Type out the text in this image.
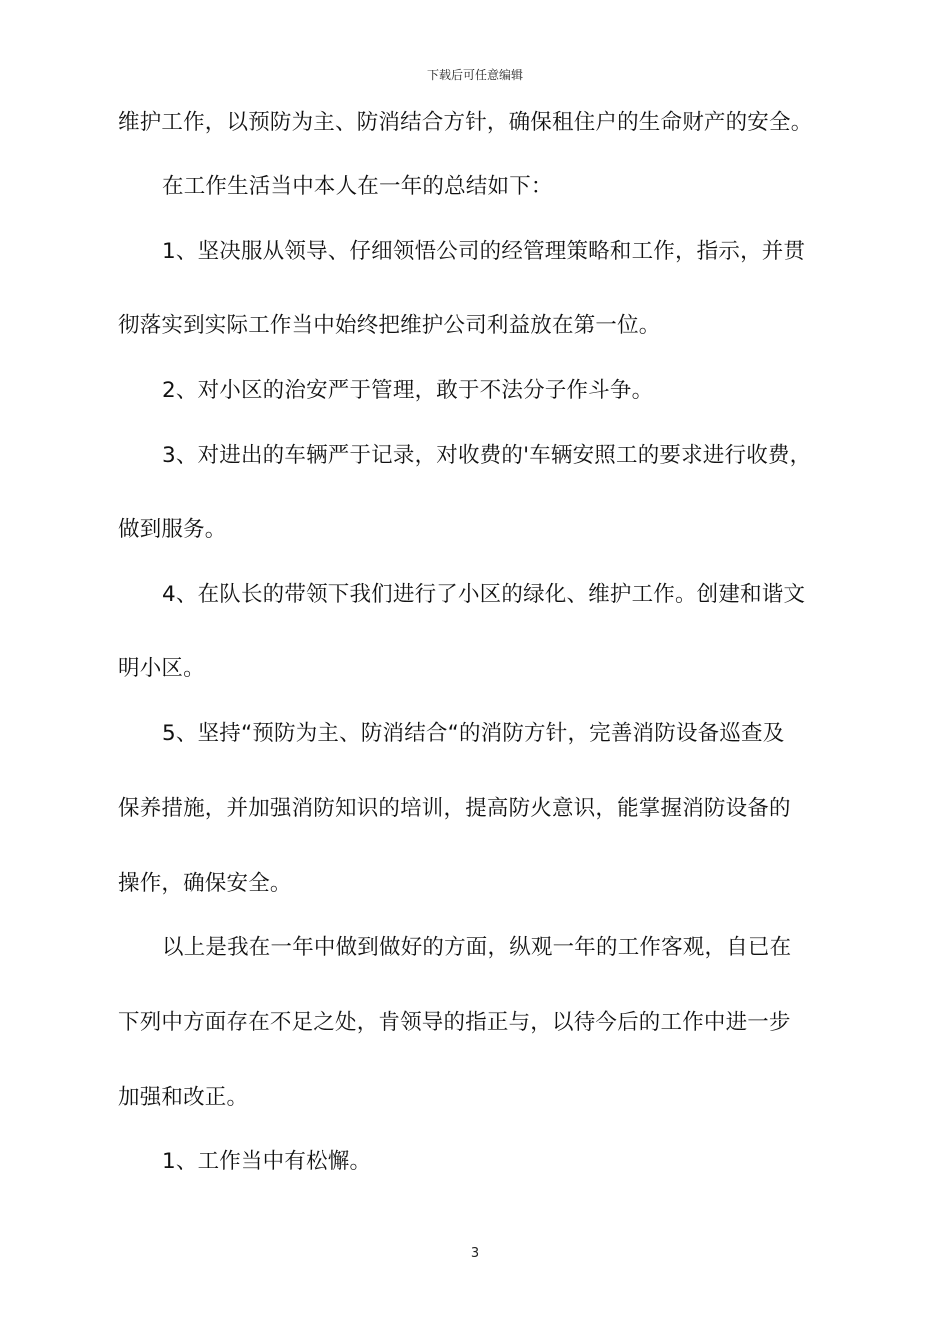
下载后可任意编辑
维护工作，以预防为主、防消结合方针，确保租住户的生命财产的安全。
在工作生活当中本人在一年的总结如下：
1、坚决服从领导、仔细领悟公司的经管理策略和工作，指示，并贯
彻落实到实际工作当中始终把维护公司利益放在第一位。
2、对小区的治安严于管理，敢于不法分子作斗争。
3、对进出的车辆严于记录，对收费的'车辆安照工的要求进行收费，
做到服务。
4、在队长的带领下我们进行了小区的绿化、维护工作。创建和谐文
明小区。
5、坚持“预防为主、防消结合“的消防方针，完善消防设备巡查及
保养措施，并加强消防知识的培训，提高防火意识，能掌握消防设备的
操作，确保安全。
以上是我在一年中做到做好的方面，纵观一年的工作客观，自已在
下列中方面存在不足之处，肯领导的指正与，以待今后的工作中进一步
加强和改正。
1、工作当中有松懈。
3
